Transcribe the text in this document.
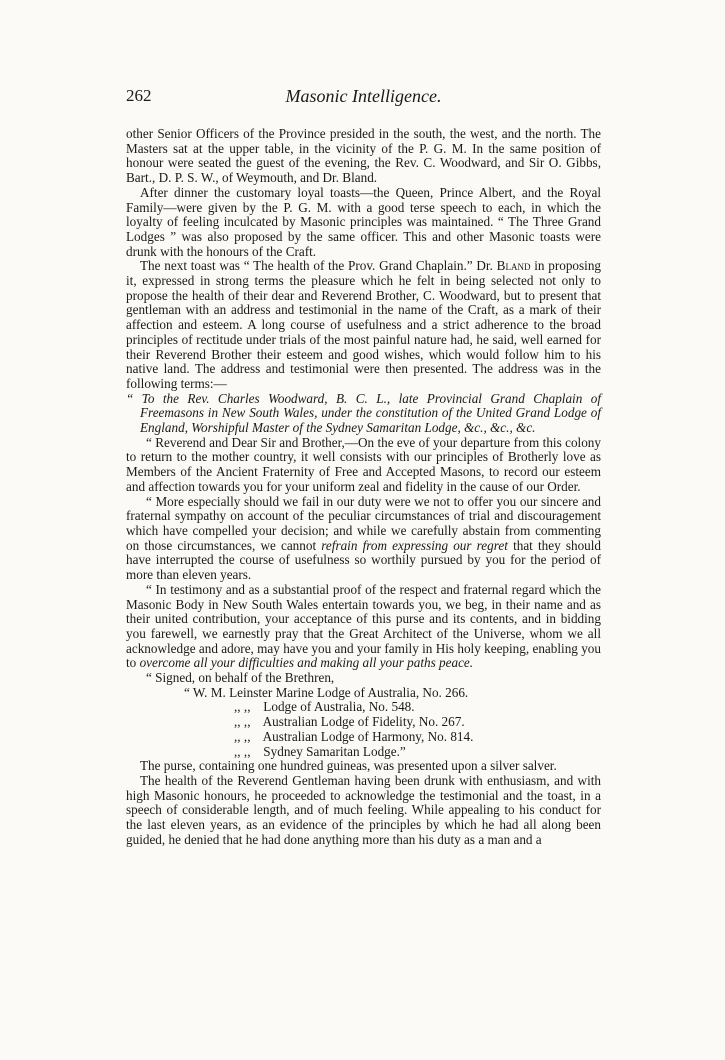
262	Masonic Intelligence.

other Senior Officers of the Province presided in the south, the west, and the north. The Masters sat at the upper table, in the vicinity of the P. G. M. In the same position of honour were seated the guest of the evening, the Rev. C. Woodward, and Sir O. Gibbs, Bart., D. P. S. W., of Weymouth, and Dr. Bland.

After dinner the customary loyal toasts—the Queen, Prince Albert, and the Royal Family—were given by the P. G. M. with a good terse speech to each, in which the loyalty of feeling inculcated by Masonic principles was maintained. “ The Three Grand Lodges ” was also proposed by the same officer. This and other Masonic toasts were drunk with the honours of the Craft.

The next toast was “ The health of the Prov. Grand Chaplain.” Dr. Bland in proposing it, expressed in strong terms the pleasure which he felt in being selected not only to propose the health of their dear and Reverend Brother, C. Woodward, but to present that gentleman with an address and testimonial in the name of the Craft, as a mark of their affection and esteem. A long course of usefulness and a strict adherence to the broad principles of rectitude under trials of the most painful nature had, he said, well earned for their Reverend Brother their esteem and good wishes, which would follow him to his native land. The address and testimonial were then presented. The address was in the following terms:—

“ To the Rev. Charles Woodward, B. C. L., late Provincial Grand Chaplain of Freemasons in New South Wales, under the constitution of the United Grand Lodge of England, Worshipful Master of the Sydney Samaritan Lodge, &c., &c., &c.

“ Reverend and Dear Sir and Brother,—On the eve of your departure from this colony to return to the mother country, it well consists with our principles of Brotherly love as Members of the Ancient Fraternity of Free and Accepted Masons, to record our esteem and affection towards you for your uniform zeal and fidelity in the cause of our Order.

“ More especially should we fail in our duty were we not to offer you our sincere and fraternal sympathy on account of the peculiar circumstances of trial and discouragement which have compelled your decision; and while we carefully abstain from commenting on those circumstances, we cannot refrain from expressing our regret that they should have interrupted the course of usefulness so worthily pursued by you for the period of more than eleven years.

“ In testimony and as a substantial proof of the respect and fraternal regard which the Masonic Body in New South Wales entertain towards you, we beg, in their name and as their united contribution, your acceptance of this purse and its contents, and in bidding you farewell, we earnestly pray that the Great Architect of the Universe, whom we all acknowledge and adore, may have you and your family in His holy keeping, enabling you to overcome all your difficulties and making all your paths peace.

“ Signed, on behalf of the Brethren,

“ W. M. Leinster Marine Lodge of Australia, No. 266.
,, ,, Lodge of Australia, No. 548.
,, ,, Australian Lodge of Fidelity, No. 267.
,, ,, Australian Lodge of Harmony, No. 814.
,, ,, Sydney Samaritan Lodge.”

The purse, containing one hundred guineas, was presented upon a silver salver.

The health of the Reverend Gentleman having been drunk with enthusiasm, and with high Masonic honours, he proceeded to acknowledge the testimonial and the toast, in a speech of considerable length, and of much feeling. While appealing to his conduct for the last eleven years, as an evidence of the principles by which he had all along been guided, he denied that he had done anything more than his duty as a man and a
